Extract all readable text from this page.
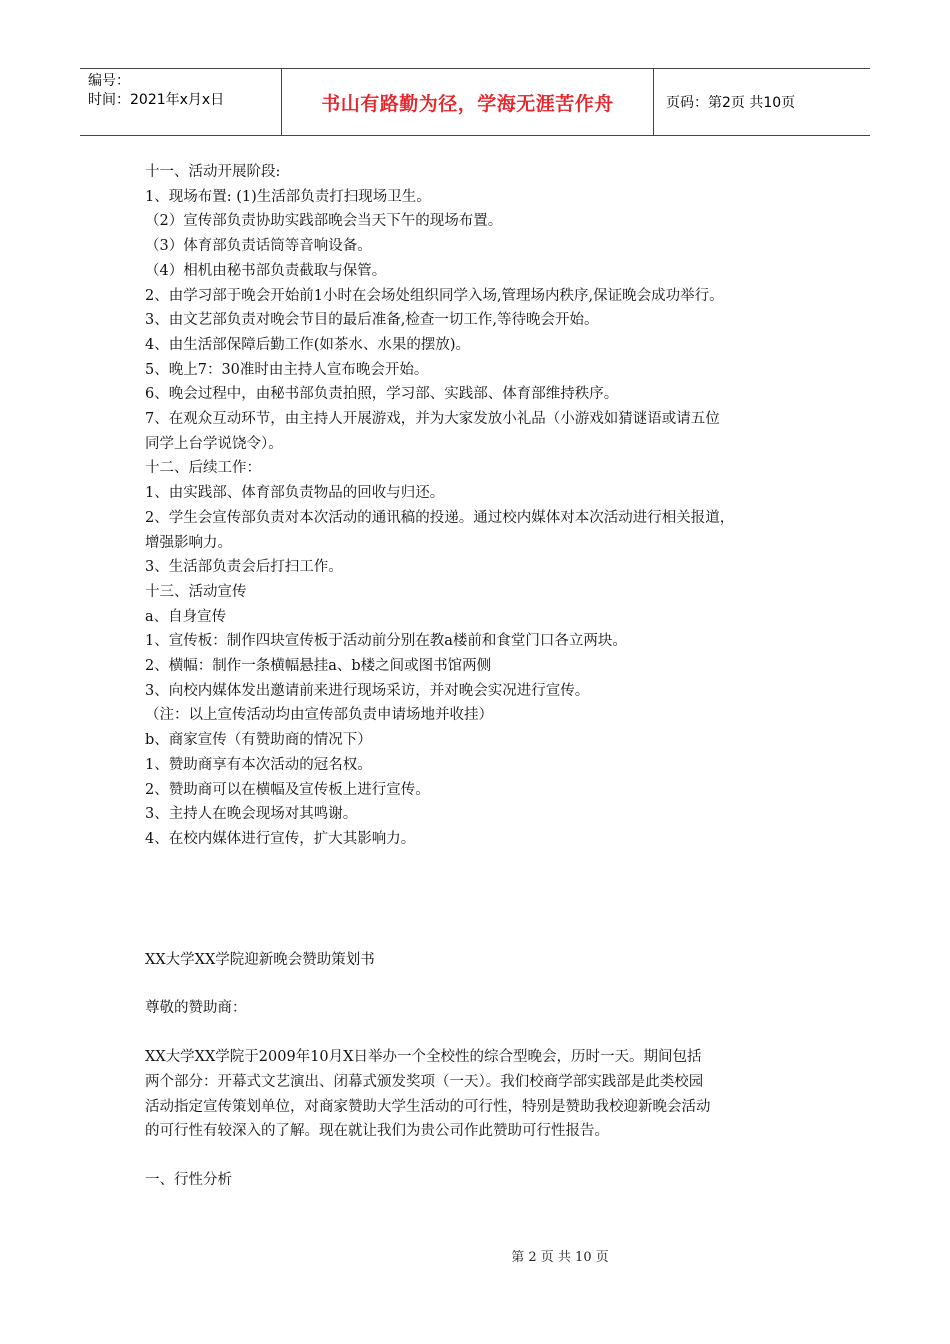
编号：
时间：2021年x月x日	书山有路勤为径，学海无涯苦作舟	页码：第2页 共10页

十一、活动开展阶段:

1、现场布置: (1)生活部负责打扫现场卫生。

（2）宣传部负责协助实践部晚会当天下午的现场布置。

（3）体育部负责话筒等音响设备。

（4）相机由秘书部负责截取与保管。

2、由学习部于晚会开始前1小时在会场处组织同学入场,管理场内秩序,保证晚会成功举行。

3、由文艺部负责对晚会节目的最后准备,检查一切工作,等待晚会开始。

4、由生活部保障后勤工作(如茶水、水果的摆放)。

5、晚上7：30准时由主持人宣布晚会开始。

6、晚会过程中，由秘书部负责拍照，学习部、实践部、体育部维持秩序。

7、在观众互动环节，由主持人开展游戏，并为大家发放小礼品（小游戏如猜谜语或请五位

同学上台学说饶令）。

十二、后续工作：

1、由实践部、体育部负责物品的回收与归还。

2、学生会宣传部负责对本次活动的通讯稿的投递。通过校内媒体对本次活动进行相关报道，

增强影响力。

3、生活部负责会后打扫工作。

十三、活动宣传

a、自身宣传

1、宣传板：制作四块宣传板于活动前分别在教a楼前和食堂门口各立两块。

2、横幅：制作一条横幅悬挂a、b楼之间或图书馆两侧

3、向校内媒体发出邀请前来进行现场采访，并对晚会实况进行宣传。

（注：以上宣传活动均由宣传部负责申请场地并收挂）

b、商家宣传（有赞助商的情况下）

1、赞助商享有本次活动的冠名权。

2、赞助商可以在横幅及宣传板上进行宣传。

3、主持人在晚会现场对其鸣谢。

4、在校内媒体进行宣传，扩大其影响力。

XX大学XX学院迎新晚会赞助策划书

尊敬的赞助商：

XX大学XX学院于2009年10月X日举办一个全校性的综合型晚会，历时一天。期间包括

两个部分：开幕式文艺演出、闭幕式颁发奖项（一天）。我们校商学部实践部是此类校园

活动指定宣传策划单位，对商家赞助大学生活动的可行性，特别是赞助我校迎新晚会活动

的可行性有较深入的了解。现在就让我们为贵公司作此赞助可行性报告。

一、行性分析

第 2 页 共 10 页
